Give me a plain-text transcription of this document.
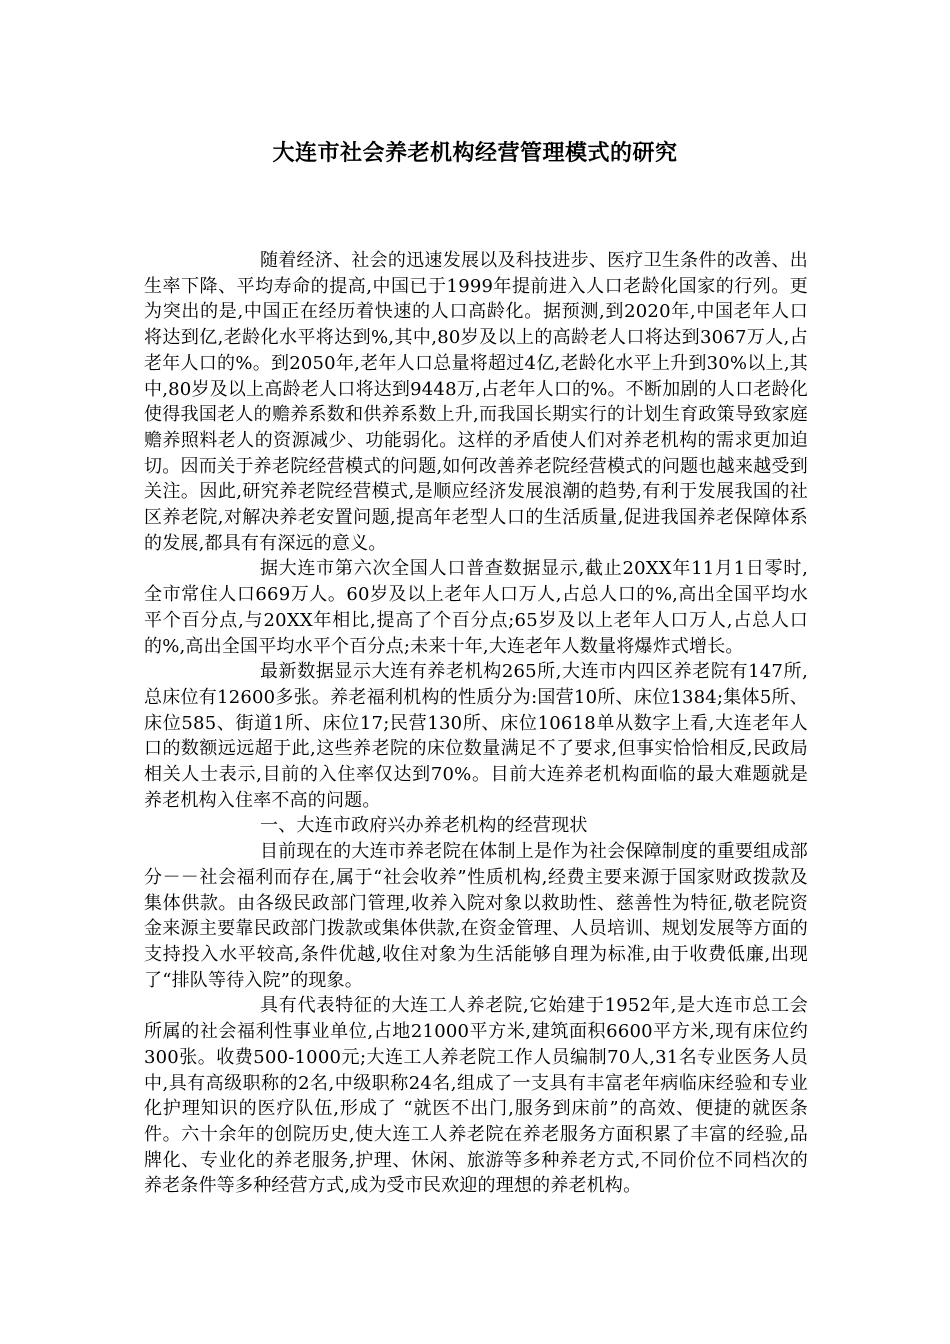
大连市社会养老机构经营管理模式的研究

随着经济、社会的迅速发展以及科技进步、医疗卫生条件的改善、出生率下降、平均寿命的提高,中国已于1999年提前进入人口老龄化国家的行列。更为突出的是,中国正在经历着快速的人口高龄化。据预测,到2020年,中国老年人口将达到亿,老龄化水平将达到%,其中,80岁及以上的高龄老人口将达到3067万人,占老年人口的%。到2050年,老年人口总量将超过4亿,老龄化水平上升到30%以上,其中,80岁及以上高龄老人口将达到9448万,占老年人口的%。不断加剧的人口老龄化使得我国老人的赡养系数和供养系数上升,而我国长期实行的计划生育政策导致家庭赡养照料老人的资源减少、功能弱化。这样的矛盾使人们对养老机构的需求更加迫切。因而关于养老院经营模式的问题,如何改善养老院经营模式的问题也越来越受到关注。因此,研究养老院经营模式,是顺应经济发展浪潮的趋势,有利于发展我国的社区养老院,对解决养老安置问题,提高年老型人口的生活质量,促进我国养老保障体系的发展,都具有有深远的意义。

据大连市第六次全国人口普查数据显示,截止20XX年11月1日零时,全市常住人口669万人。60岁及以上老年人口万人,占总人口的%,高出全国平均水平个百分点,与20XX年相比,提高了个百分点;65岁及以上老年人口万人,占总人口的%,高出全国平均水平个百分点;未来十年,大连老年人数量将爆炸式增长。

最新数据显示大连有养老机构265所,大连市内四区养老院有147所,总床位有12600多张。养老福利机构的性质分为:国营10所、床位1384;集体5所、床位585、街道1所、床位17;民营130所、床位10618单从数字上看,大连老年人口的数额远远超于此,这些养老院的床位数量满足不了要求,但事实恰恰相反,民政局相关人士表示,目前的入住率仅达到70%。目前大连养老机构面临的最大难题就是养老机构入住率不高的问题。

一、大连市政府兴办养老机构的经营现状

目前现在的大连市养老院在体制上是作为社会保障制度的重要组成部分－－社会福利而存在,属于“社会收养”性质机构,经费主要来源于国家财政拨款及集体供款。由各级民政部门管理,收养入院对象以救助性、慈善性为特征,敬老院资金来源主要靠民政部门拨款或集体供款,在资金管理、人员培训、规划发展等方面的支持投入水平较高,条件优越,收住对象为生活能够自理为标准,由于收费低廉,出现了“排队等待入院”的现象。

具有代表特征的大连工人养老院,它始建于1952年,是大连市总工会所属的社会福利性事业单位,占地21000平方米,建筑面积6600平方米,现有床位约300张。收费500-1000元;大连工人养老院工作人员编制70人,31名专业医务人员中,具有高级职称的2名,中级职称24名,组成了一支具有丰富老年病临床经验和专业化护理知识的医疗队伍,形成了 “就医不出门,服务到床前”的高效、便捷的就医条件。六十余年的创院历史,使大连工人养老院在养老服务方面积累了丰富的经验,品牌化、专业化的养老服务,护理、休闲、旅游等多种养老方式,不同价位不同档次的养老条件等多种经营方式,成为受市民欢迎的理想的养老机构。
